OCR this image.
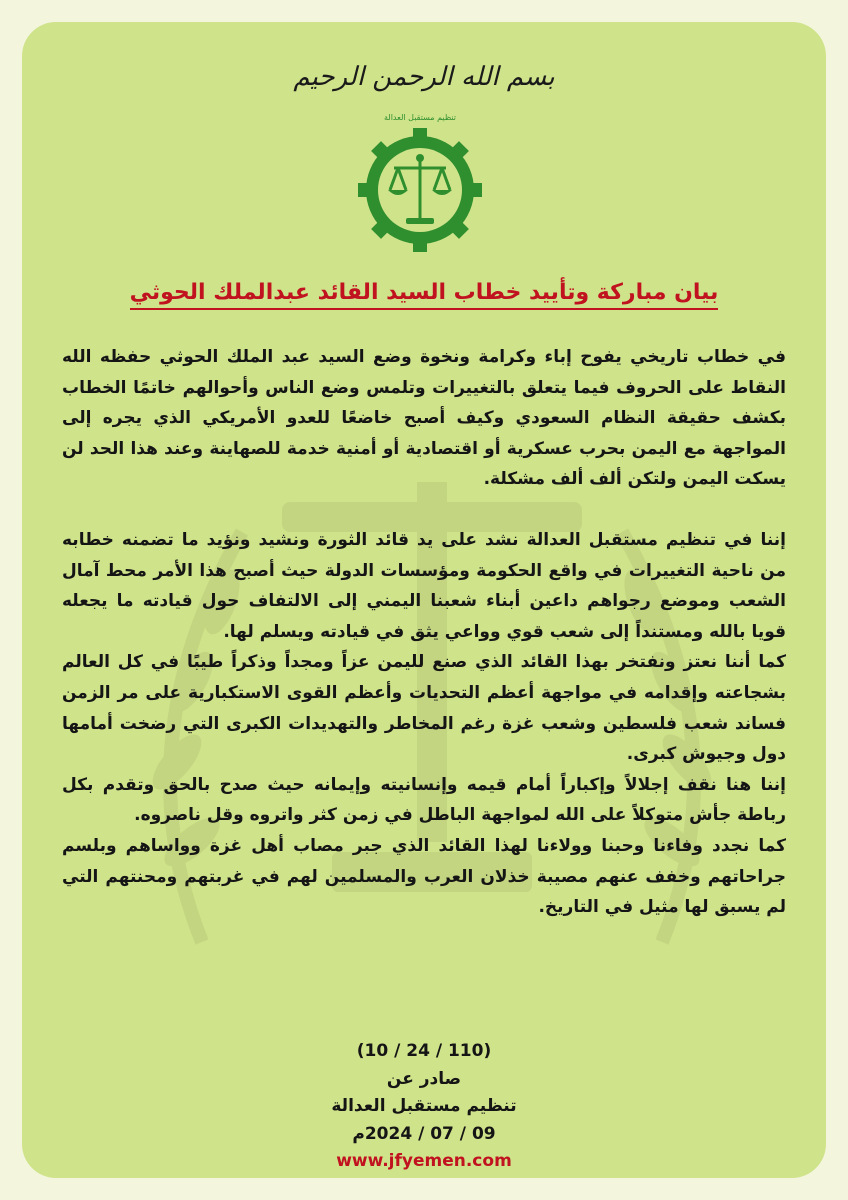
بسم الله الرحمن الرحيم
تنظيم مستقبل العدالة
بيان مباركة وتأييد خطاب السيد القائد عبدالملك الحوثي

في خطاب تاريخي يفوح إباء وكرامة ونخوة وضع السيد عبد الملك الحوثي حفظه الله النقاط على الحروف فيما يتعلق بالتغييرات وتلمس وضع الناس وأحوالهم خاتمًا الخطاب بكشف حقيقة النظام السعودي وكيف أصبح خاضعًا للعدو الأمريكي الذي يجره إلى المواجهة مع اليمن بحرب عسكرية أو اقتصادية أو أمنية خدمة للصهاينة وعند هذا الحد لن يسكت اليمن ولتكن ألف ألف مشكلة.

إننا في تنظيم مستقبل العدالة نشد على يد قائد الثورة ونشيد ونؤيد ما تضمنه خطابه من ناحية التغييرات في واقع الحكومة ومؤسسات الدولة حيث أصبح هذا الأمر محط آمال الشعب وموضع رجواهم داعين أبناء شعبنا اليمني إلى الالتفاف حول قيادته ما يجعله قويا بالله ومستنداً إلى شعب قوي وواعي يثق في قيادته ويسلم لها.

كما أننا نعتز ونفتخر بهذا القائد الذي صنع لليمن عزاً ومجداً وذكراً طيبًا في كل العالم بشجاعته وإقدامه في مواجهة أعظم التحديات وأعظم القوى الاستكبارية على مر الزمن فساند شعب فلسطين وشعب غزة رغم المخاطر والتهديدات الكبرى التي رضخت أمامها دول وجيوش كبرى.

إننا هنا نقف إجلالاً وإكباراً أمام قيمه وإنسانيته وإيمانه حيث صدح بالحق وتقدم بكل رباطة جأش متوكلاً على الله لمواجهة الباطل في زمن كثر واتروه وقل ناصروه.

كما نجدد وفاءنا وحبنا وولاءنا لهذا القائد الذي جبر مصاب أهل غزة وواساهم وبلسم جراحاتهم وخفف عنهم مصيبة خذلان العرب والمسلمين لهم في غربتهم ومحنتهم التي لم يسبق لها مثيل في التاريخ.

(110 / 24 / 10)
صادر عن
تنظيم مستقبل العدالة
09 / 07 / 2024م
www.jfyemen.com
